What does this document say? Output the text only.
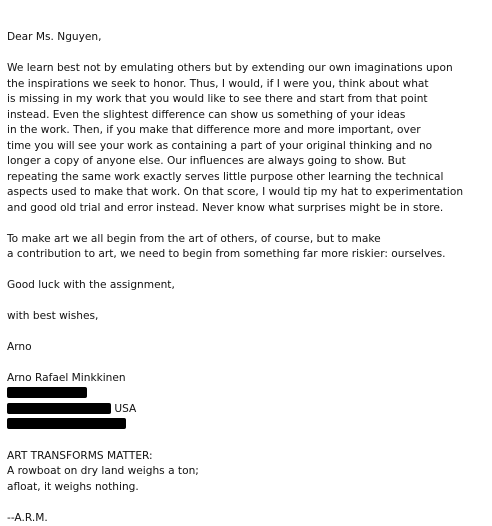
Dear Ms. Nguyen,
We learn best not by emulating others but by extending our own imaginations upon
the inspirations we seek to honor. Thus, I would, if I were you, think about what
is missing in my work that you would like to see there and start from that point
instead. Even the slightest difference can show us something of your ideas
in the work. Then, if you make that difference more and more important, over
time you will see your work as containing a part of your original thinking and no
longer a copy of anyone else. Our influences are always going to show. But
repeating the same work exactly serves little purpose other learning the technical
aspects used to make that work. On that score, I would tip my hat to experimentation
and good old trial and error instead. Never know what surprises might be in store.
To make art we all begin from the art of others, of course, but to make
a contribution to art, we need to begin from something far more riskier: ourselves.
Good luck with the assignment,
with best wishes,
Arno
Arno Rafael Minkkinen
USA
ART TRANSFORMS MATTER:
A rowboat on dry land weighs a ton;
afloat, it weighs nothing.
--A.R.M.
